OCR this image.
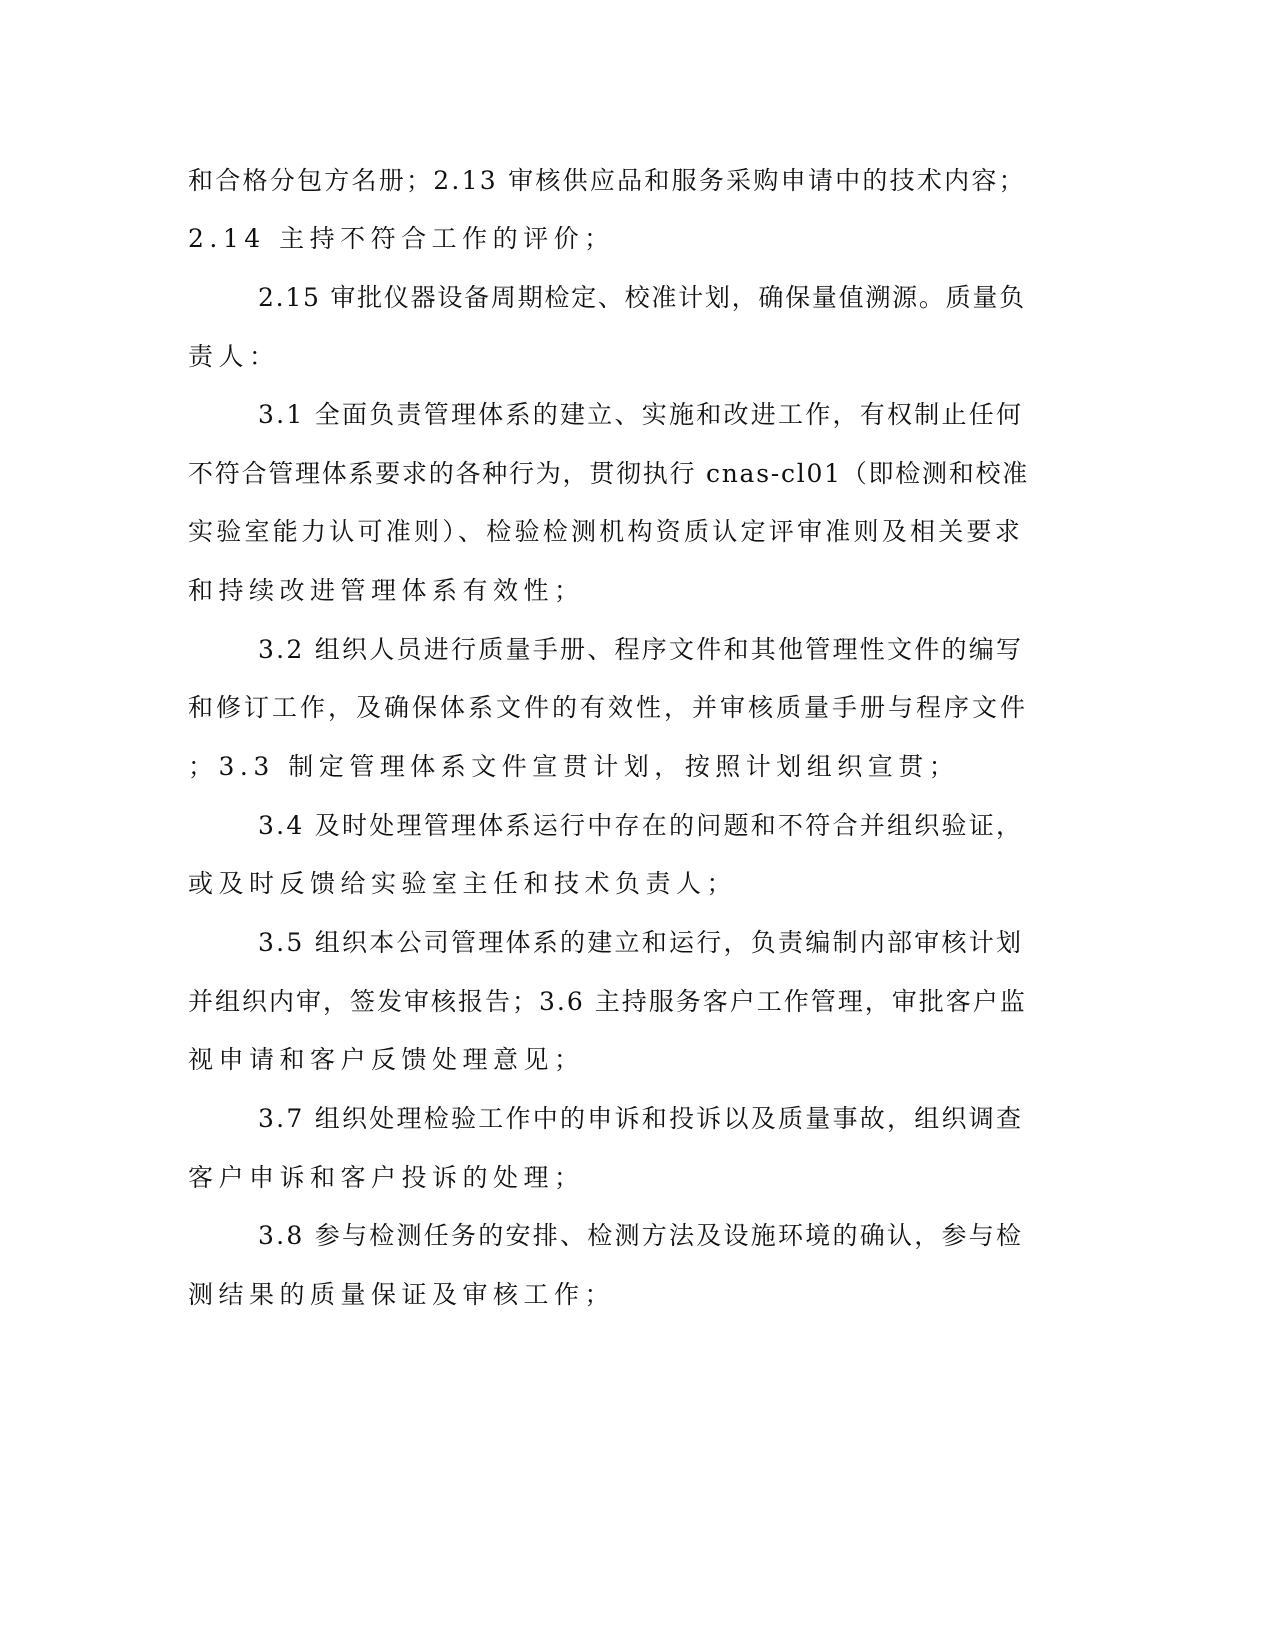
和合格分包方名册；2.13 审核供应品和服务采购申请中的技术内容；
2.14 主持不符合工作的评价；
2.15 审批仪器设备周期检定、校准计划，确保量值溯源。质量负
责人：
3.1 全面负责管理体系的建立、实施和改进工作，有权制止任何
不符合管理体系要求的各种行为，贯彻执行 cnas-cl01（即检测和校准
实验室能力认可准则）、检验检测机构资质认定评审准则及相关要求
和持续改进管理体系有效性；
3.2 组织人员进行质量手册、程序文件和其他管理性文件的编写
和修订工作，及确保体系文件的有效性，并审核质量手册与程序文件
；3.3 制定管理体系文件宣贯计划，按照计划组织宣贯；
3.4 及时处理管理体系运行中存在的问题和不符合并组织验证，
或及时反馈给实验室主任和技术负责人；
3.5 组织本公司管理体系的建立和运行，负责编制内部审核计划
并组织内审，签发审核报告；3.6 主持服务客户工作管理，审批客户监
视申请和客户反馈处理意见；
3.7 组织处理检验工作中的申诉和投诉以及质量事故，组织调查
客户申诉和客户投诉的处理；
3.8 参与检测任务的安排、检测方法及设施环境的确认，参与检
测结果的质量保证及审核工作；
